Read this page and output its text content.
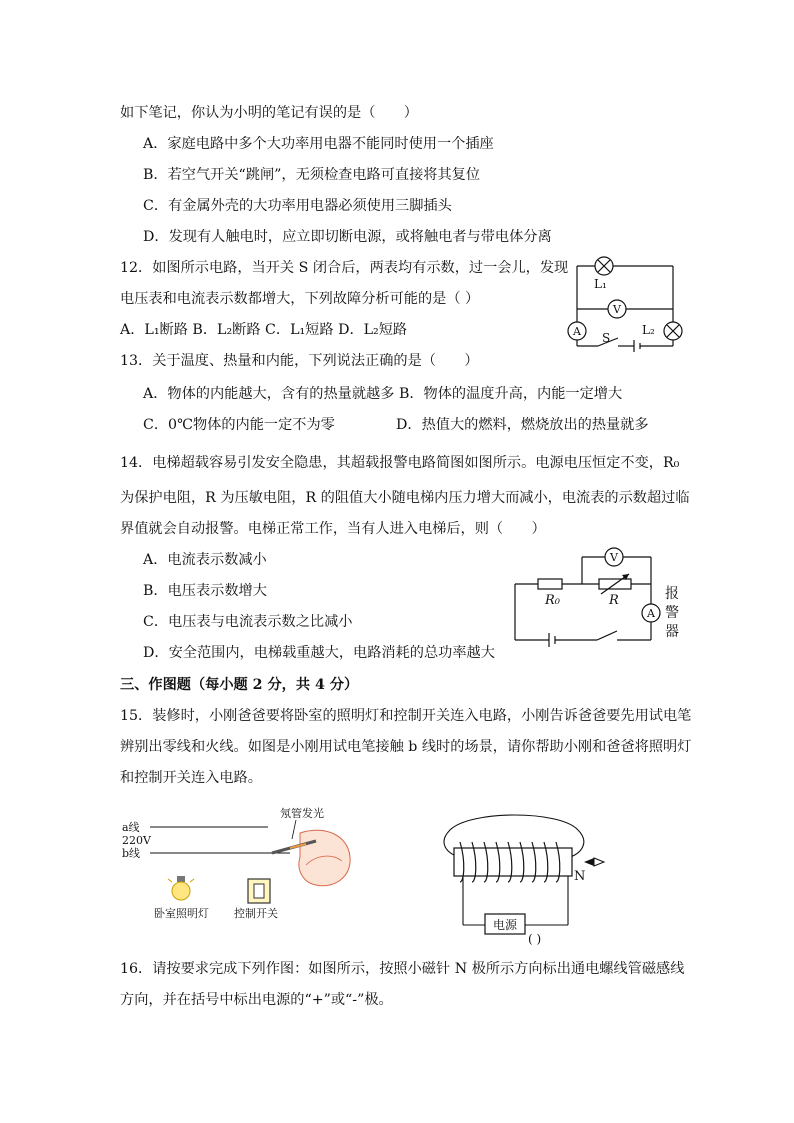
如下笔记，你认为小明的笔记有误的是（　　）
A．家庭电路中多个大功率用电器不能同时使用一个插座
B．若空气开关“跳闸”，无须检查电路可直接将其复位
C．有金属外壳的大功率用电器必须使用三脚插头
D．发现有人触电时，应立即切断电源，或将触电者与带电体分离
12．如图所示电路，当开关 S 闭合后，两表均有示数，过一会儿，发现
电压表和电流表示数都增大，下列故障分析可能的是（ ）
A．L₁断路 B．L₂断路 C．L₁短路 D．L₂短路
L₁
V
A	L₂
S
13．关于温度、热量和内能，下列说法正确的是（　　）
A．物体的内能越大，含有的热量就越多 B．物体的温度升高，内能一定增大
C．0℃物体的内能一定不为零	D．热值大的燃料，燃烧放出的热量就多
14．电梯超载容易引发安全隐患，其超载报警电路简图如图所示。电源电压恒定不变，R₀
为保护电阻，R 为压敏电阻，R 的阻值大小随电梯内压力增大而减小，电流表的示数超过临
界值就会自动报警。电梯正常工作，当有人进入电梯后，则（　　）
A．电流表示数减小
B．电压表示数增大
C．电压表与电流表示数之比减小
D．安全范围内，电梯载重越大，电路消耗的总功率越大
V
A
R₀	R	报
警
器
三、作图题（每小题 2 分，共 4 分）
15．装修时，小刚爸爸要将卧室的照明灯和控制开关连入电路，小刚告诉爸爸要先用试电笔
辨别出零线和火线。如图是小刚用试电笔接触 b 线时的场景，请你帮助小刚和爸爸将照明灯
和控制开关连入电路。
a线
220V
b线
氖管发光
卧室照明灯 控制开关
电源
( )
N
16．请按要求完成下列作图：如图所示，按照小磁针 N 极所示方向标出通电螺线管磁感线
方向，并在括号中标出电源的“+”或“-”极。
